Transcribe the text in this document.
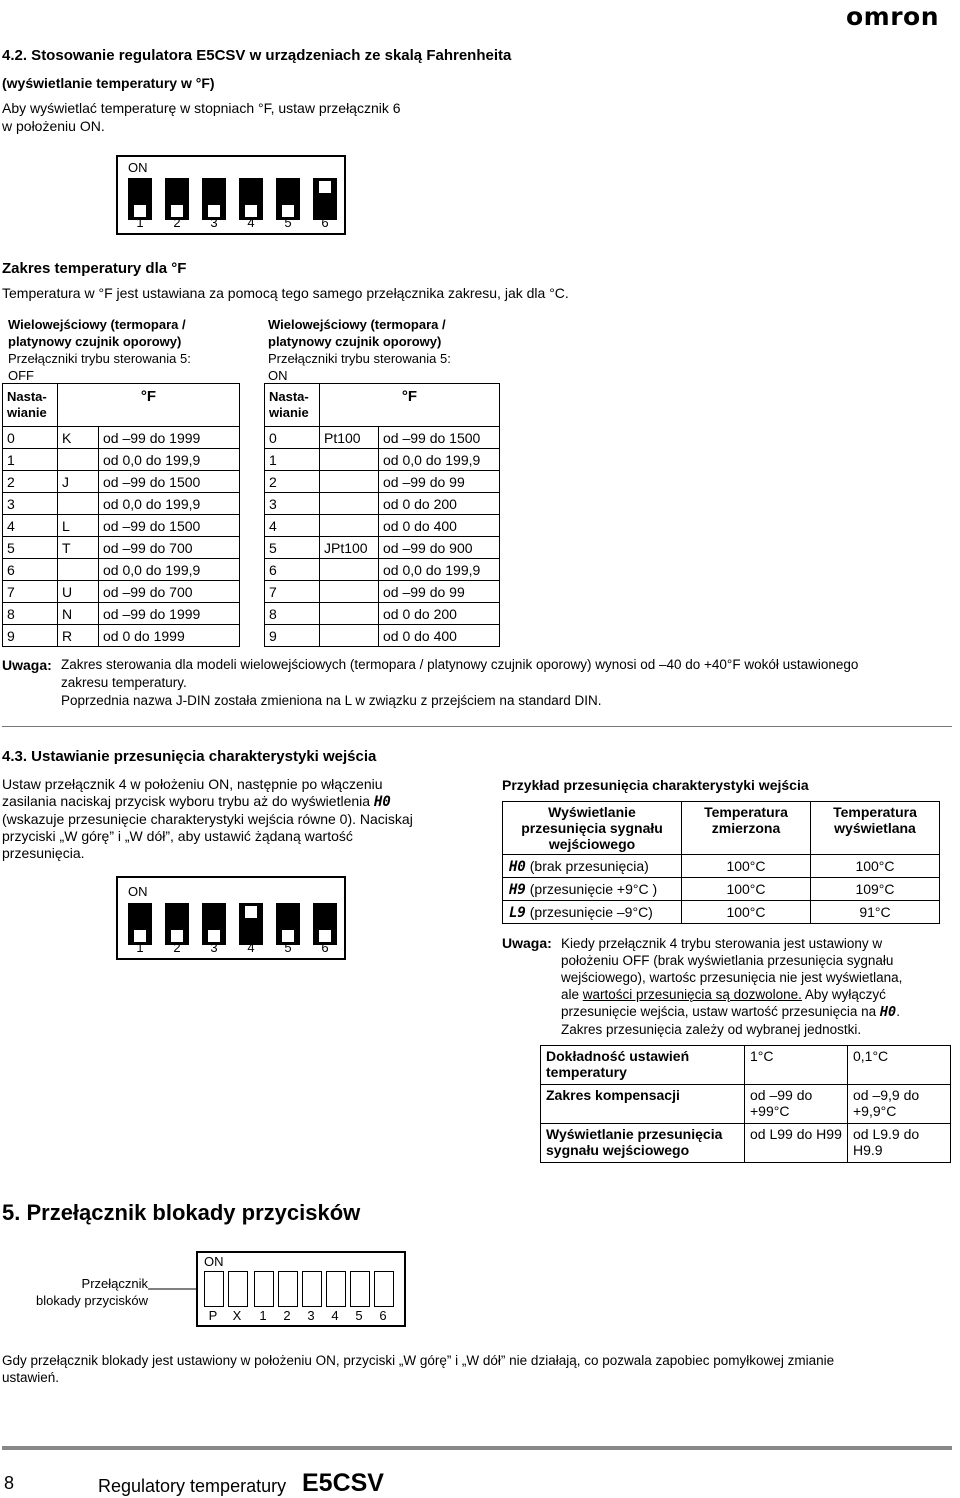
omron
4.2. Stosowanie regulatora E5CSV w urządzeniach ze skalą Fahrenheita
(wyświetlanie temperatury w °F)
Aby wyświetlać temperaturę w stopniach °F, ustaw przełącznik 6
w położeniu ON.
ON
1	2	3	4	5	6
Zakres temperatury dla °F
Temperatura w °F jest ustawiana za pomocą tego samego przełącznika zakresu, jak dla °C.
Wielowejściowy (termopara /
platynowy czujnik oporowy)
Przełączniki trybu sterowania 5:
OFF
Wielowejściowy (termopara /
platynowy czujnik oporowy)
Przełączniki trybu sterowania 5:
ON
Nasta-
wianie	°F	
0	K	od –99 do 1999
1		od 0,0 do 199,9
2	J	od –99 do 1500
3		od 0,0 do 199,9
4	L	od –99 do 1500
5	T	od –99 do 700
6		od 0,0 do 199,9
7	U	od –99 do 700
8	N	od –99 do 1999
9	R	od 0 do 1999
Nasta-
wianie	°F	
0	Pt100	od –99 do 1500
1		od 0,0 do 199,9
2		od –99 do 99
3		od 0 do 200
4		od 0 do 400
5	JPt100	od –99 do 900
6		od 0,0 do 199,9
7		od –99 do 99
8		od 0 do 200
9		od 0 do 400
Uwaga: Zakres sterowania dla modeli wielowejściowych (termopara / platynowy czujnik oporowy) wynosi od –40 do +40°F wokół ustawionego
zakresu temperatury.
Poprzednia nazwa J-DIN została zmieniona na L w związku z przejściem na standard DIN.
4.3. Ustawianie przesunięcia charakterystyki wejścia
Ustaw przełącznik 4 w położeniu ON, następnie po włączeniu
zasilania naciskaj przycisk wyboru trybu aż do wyświetlenia H0
(wskazuje przesunięcie charakterystyki wejścia równe 0). Naciskaj
przyciski „W górę” i „W dół”, aby ustawić żądaną wartość
przesunięcia.
ON
1	2	3	4	5	6
Przykład przesunięcia charakterystyki wejścia
Wyświetlanie
przesunięcia sygnału
wejściowego	Temperatura
zmierzona	Temperatura
wyświetlana
H0 (brak przesunięcia)	100°C	100°C
H9 (przesunięcie +9°C )	100°C	109°C
L9 (przesunięcie –9°C)	100°C	91°C
Uwaga: Kiedy przełącznik 4 trybu sterowania jest ustawiony w
położeniu OFF (brak wyświetlania przesunięcia sygnału
wejściowego), wartośc przesunięcia nie jest wyświetlana,
ale wartości przesunięcia są dozwolone. Aby wyłączyć
przesunięcie wejścia, ustaw wartość przesunięcia na H0.
Zakres przesunięcia zależy od wybranej jednostki.
Dokładność ustawień
temperatury	1°C	0,1°C
Zakres kompensacji	od –99 do
+99°C	od –9,9 do
+9,9°C
Wyświetlanie przesunięcia
sygnału wejściowego	od L99 do H99	od L9.9 do
H9.9
5. Przełącznik blokady przycisków
Przełącznik
blokady przycisków
ON
P	X	1	2	3	4	5	6
Gdy przełącznik blokady jest ustawiony w położeniu ON, przyciski „W górę” i „W dół” nie działają, co pozwala zapobiec pomyłkowej zmianie
ustawień.
8	Regulatory temperatury E5CSV
